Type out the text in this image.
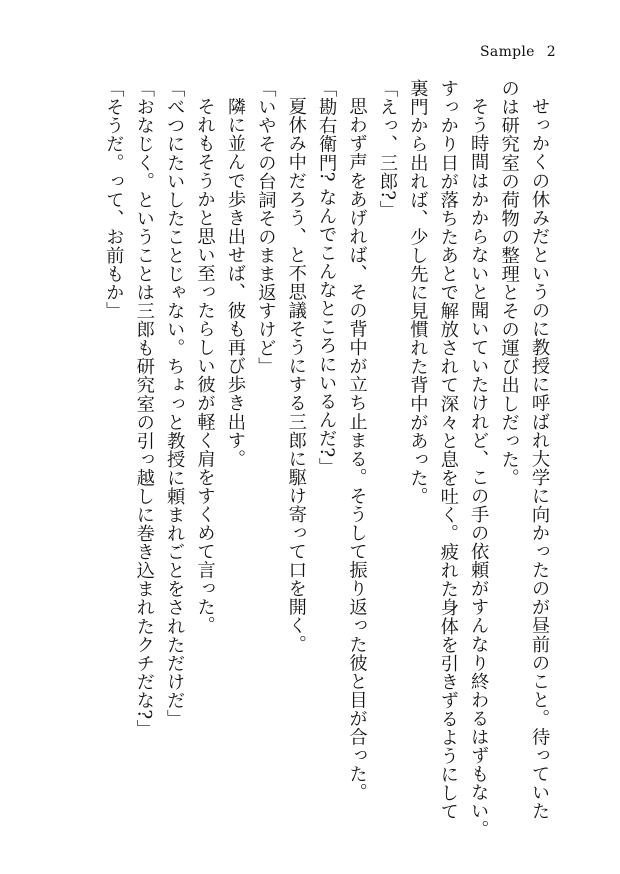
Sample 2
せっかくの休みだというのに教授に呼ばれ大学に向かったのが昼前のこと。待っていた
のは研究室の荷物の整理とその運び出しだった。
そう時間はかからないと聞いていたけれど、この手の依頼がすんなり終わるはずもない。
すっかり日が落ちたあとで解放されて深々と息を吐く。疲れた身体を引きずるようにして
裏門から出れば、少し先に見慣れた背中があった。
「えっ、三郎?」
思わず声をあげれば、その背中が立ち止まる。そうして振り返った彼と目が合った。
「勘右衛門? なんでこんなところにいるんだ?」
夏休み中だろう、と不思議そうにする三郎に駆け寄って口を開く。
「いやその台詞そのまま返すけど」
隣に並んで歩き出せば、彼も再び歩き出す。
それもそうかと思い至ったらしい彼が軽く肩をすくめて言った。
「べつにたいしたことじゃない。ちょっと教授に頼まれごとをされただけだ」
「おなじく。ということは三郎も研究室の引っ越しに巻き込まれたクチだな?」
「そうだ。って、お前もか」
